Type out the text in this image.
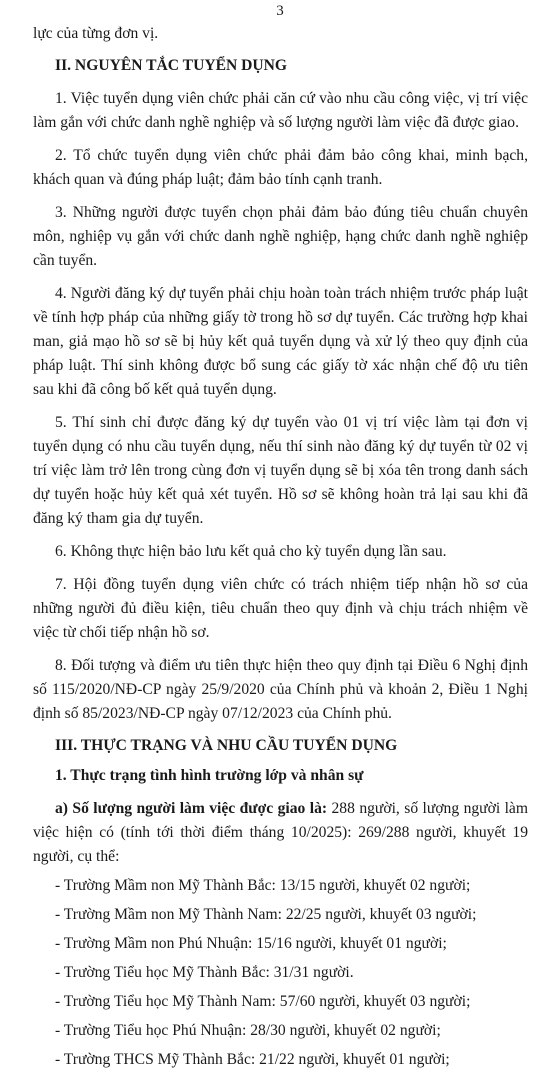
3

lực của từng đơn vị.

II. NGUYÊN TẮC TUYỂN DỤNG

1. Việc tuyển dụng viên chức phải căn cứ vào nhu cầu công việc, vị trí việc làm gắn với chức danh nghề nghiệp và số lượng người làm việc đã được giao.

2. Tổ chức tuyển dụng viên chức phải đảm bảo công khai, minh bạch, khách quan và đúng pháp luật; đảm bảo tính cạnh tranh.

3. Những người được tuyển chọn phải đảm bảo đúng tiêu chuẩn chuyên môn, nghiệp vụ gắn với chức danh nghề nghiệp, hạng chức danh nghề nghiệp cần tuyển.

4. Người đăng ký dự tuyển phải chịu hoàn toàn trách nhiệm trước pháp luật về tính hợp pháp của những giấy tờ trong hồ sơ dự tuyển. Các trường hợp khai man, giả mạo hồ sơ sẽ bị hủy kết quả tuyển dụng và xử lý theo quy định của pháp luật. Thí sinh không được bổ sung các giấy tờ xác nhận chế độ ưu tiên sau khi đã công bố kết quả tuyển dụng.

5. Thí sinh chỉ được đăng ký dự tuyển vào 01 vị trí việc làm tại đơn vị tuyển dụng có nhu cầu tuyển dụng, nếu thí sinh nào đăng ký dự tuyển từ 02 vị trí việc làm trở lên trong cùng đơn vị tuyển dụng sẽ bị xóa tên trong danh sách dự tuyển hoặc hủy kết quả xét tuyển. Hồ sơ sẽ không hoàn trả lại sau khi đã đăng ký tham gia dự tuyển.

6. Không thực hiện bảo lưu kết quả cho kỳ tuyển dụng lần sau.

7. Hội đồng tuyển dụng viên chức có trách nhiệm tiếp nhận hồ sơ của những người đủ điều kiện, tiêu chuẩn theo quy định và chịu trách nhiệm về việc từ chối tiếp nhận hồ sơ.

8. Đối tượng và điểm ưu tiên thực hiện theo quy định tại Điều 6 Nghị định số 115/2020/NĐ-CP ngày 25/9/2020 của Chính phủ và khoản 2, Điều 1 Nghị định số 85/2023/NĐ-CP ngày 07/12/2023 của Chính phủ.

III. THỰC TRẠNG VÀ NHU CẦU TUYỂN DỤNG

1. Thực trạng tình hình trường lớp và nhân sự

a) Số lượng người làm việc được giao là: 288 người, số lượng người làm việc hiện có (tính tới thời điểm tháng 10/2025): 269/288 người, khuyết 19 người, cụ thể:

- Trường Mầm non Mỹ Thành Bắc: 13/15 người, khuyết 02 người;

- Trường Mầm non Mỹ Thành Nam: 22/25 người, khuyết 03 người;

- Trường Mầm non Phú Nhuận: 15/16 người, khuyết 01 người;

- Trường Tiểu học Mỹ Thành Bắc: 31/31 người.

- Trường Tiểu học Mỹ Thành Nam: 57/60 người, khuyết 03 người;

- Trường Tiểu học Phú Nhuận: 28/30 người, khuyết 02 người;

- Trường THCS Mỹ Thành Bắc: 21/22 người, khuyết 01 người;
